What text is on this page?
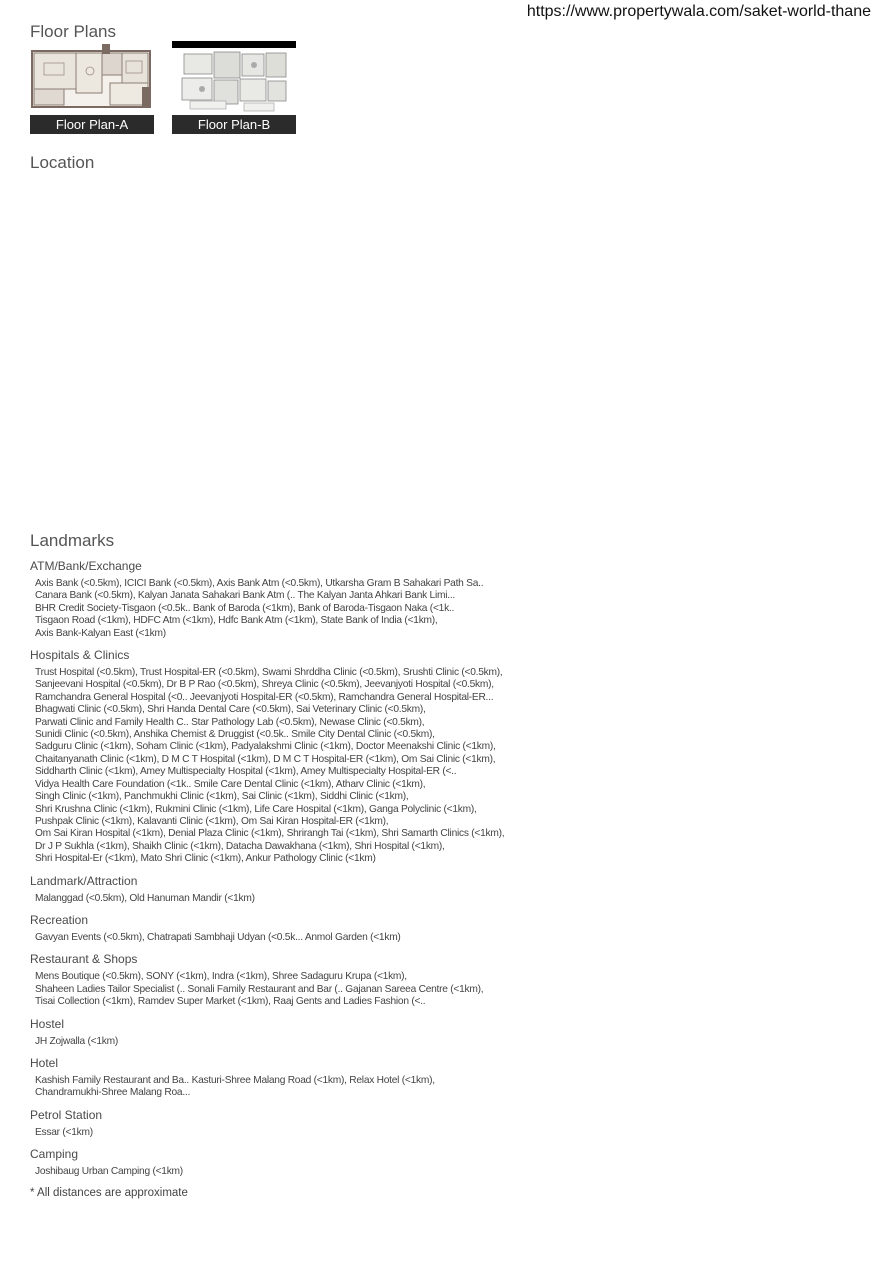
https://www.propertywala.com/saket-world-thane
Floor Plans
Floor Plan-A	Floor Plan-B
Location
Landmarks
ATM/Bank/Exchange
Axis Bank (<0.5km), ICICI Bank (<0.5km), Axis Bank Atm (<0.5km), Utkarsha Gram B Sahakari Path Sa..
Canara Bank (<0.5km), Kalyan Janata Sahakari Bank Atm (.. The Kalyan Janta Ahkari Bank Limi...
BHR Credit Society-Tisgaon (<0.5k.. Bank of Baroda (<1km), Bank of Baroda-Tisgaon Naka (<1k..
Tisgaon Road (<1km), HDFC Atm (<1km), Hdfc Bank Atm (<1km), State Bank of India (<1km),
Axis Bank-Kalyan East (<1km)
Hospitals & Clinics
Trust Hospital (<0.5km), Trust Hospital-ER (<0.5km), Swami Shrddha Clinic (<0.5km), Srushti Clinic (<0.5km),
Sanjeevani Hospital (<0.5km), Dr B P Rao (<0.5km), Shreya Clinic (<0.5km), Jeevanjyoti Hospital (<0.5km),
Ramchandra General Hospital (<0.. Jeevanjyoti Hospital-ER (<0.5km), Ramchandra General Hospital-ER...
Bhagwati Clinic (<0.5km), Shri Handa Dental Care (<0.5km), Sai Veterinary Clinic (<0.5km),
Parwati Clinic and Family Health C.. Star Pathology Lab (<0.5km), Newase Clinic (<0.5km),
Sunidi Clinic (<0.5km), Anshika Chemist & Druggist (<0.5k.. Smile City Dental Clinic (<0.5km),
Sadguru Clinic (<1km), Soham Clinic (<1km), Padyalakshmi Clinic (<1km), Doctor Meenakshi Clinic (<1km),
Chaitanyanath Clinic (<1km), D M C T Hospital (<1km), D M C T Hospital-ER (<1km), Om Sai Clinic (<1km),
Siddharth Clinic (<1km), Amey Multispecialty Hospital (<1km), Amey Multispecialty Hospital-ER (<..
Vidya Health Care Foundation (<1k.. Smile Care Dental Clinic (<1km), Atharv Clinic (<1km),
Singh Clinic (<1km), Panchmukhi Clinic (<1km), Sai Clinic (<1km), Siddhi Clinic (<1km),
Shri Krushna Clinic (<1km), Rukmini Clinic (<1km), Life Care Hospital (<1km), Ganga Polyclinic (<1km),
Pushpak Clinic (<1km), Kalavanti Clinic (<1km), Om Sai Kiran Hospital-ER (<1km),
Om Sai Kiran Hospital (<1km), Denial Plaza Clinic (<1km), Shrirangh Tai (<1km), Shri Samarth Clinics (<1km),
Dr J P Sukhla (<1km), Shaikh Clinic (<1km), Datacha Dawakhana (<1km), Shri Hospital (<1km),
Shri Hospital-Er (<1km), Mato Shri Clinic (<1km), Ankur Pathology Clinic (<1km)
Landmark/Attraction
Malanggad (<0.5km), Old Hanuman Mandir (<1km)
Recreation
Gavyan Events (<0.5km), Chatrapati Sambhaji Udyan (<0.5k... Anmol Garden (<1km)
Restaurant & Shops
Mens Boutique (<0.5km), SONY (<1km), Indra (<1km), Shree Sadaguru Krupa (<1km),
Shaheen Ladies Tailor Specialist (.. Sonali Family Restaurant and Bar (.. Gajanan Sareea Centre (<1km),
Tisai Collection (<1km), Ramdev Super Market (<1km), Raaj Gents and Ladies Fashion (<..
Hostel
JH Zojwalla (<1km)
Hotel
Kashish Family Restaurant and Ba.. Kasturi-Shree Malang Road (<1km), Relax Hotel (<1km),
Chandramukhi-Shree Malang Roa...
Petrol Station
Essar (<1km)
Camping
Joshibaug Urban Camping (<1km)
* All distances are approximate
